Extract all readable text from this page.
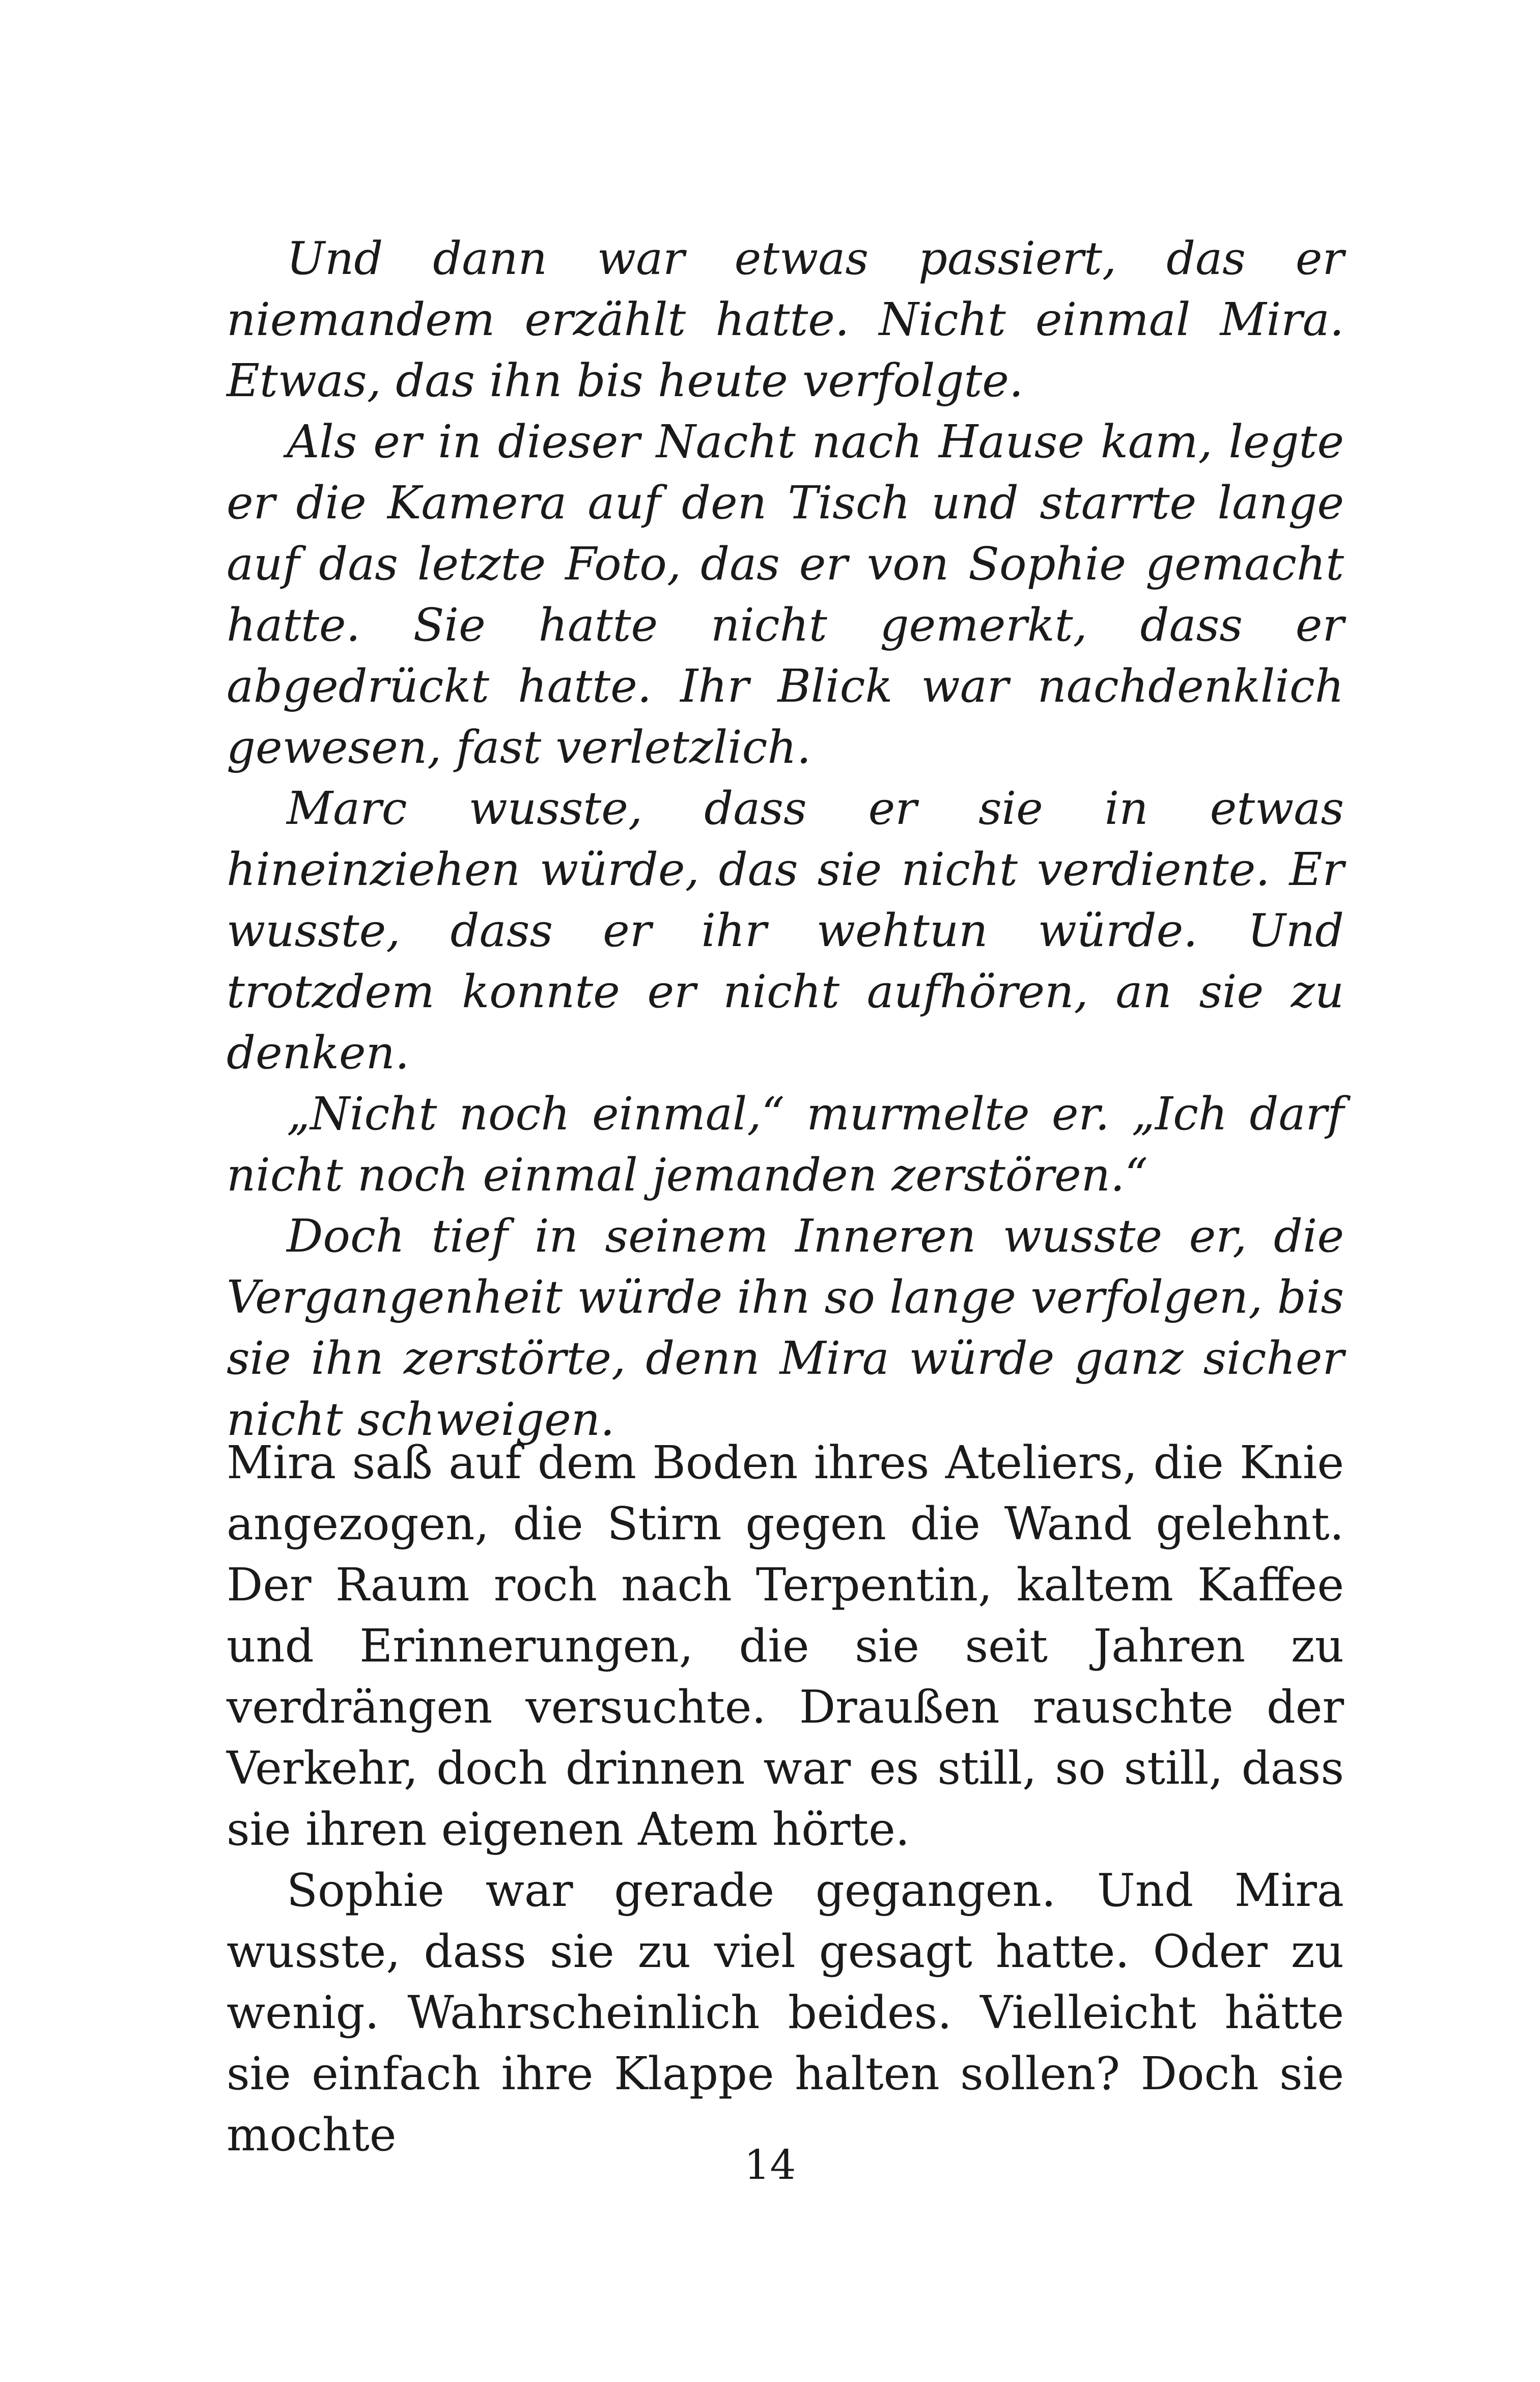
Und dann war etwas passiert, das er niemandem erzählt hatte. Nicht einmal Mira. Etwas, das ihn bis heute verfolgte.

Als er in dieser Nacht nach Hause kam, legte er die Kamera auf den Tisch und starrte lange auf das letzte Foto, das er von Sophie gemacht hatte. Sie hatte nicht gemerkt, dass er abgedrückt hatte. Ihr Blick war nachdenklich gewesen, fast verletzlich.

Marc wusste, dass er sie in etwas hineinziehen würde, das sie nicht verdiente. Er wusste, dass er ihr wehtun würde. Und trotzdem konnte er nicht aufhören, an sie zu denken.

„Nicht noch einmal,“ murmelte er. „Ich darf nicht noch einmal jemanden zerstören.“

Doch tief in seinem Inneren wusste er, die Vergangenheit würde ihn so lange verfolgen, bis sie ihn zerstörte, denn Mira würde ganz sicher nicht schweigen.

Mira saß auf dem Boden ihres Ateliers, die Knie angezogen, die Stirn gegen die Wand gelehnt. Der Raum roch nach Terpentin, kaltem Kaffee und Erinnerungen, die sie seit Jahren zu verdrängen versuchte. Draußen rauschte der Verkehr, doch drinnen war es still, so still, dass sie ihren eigenen Atem hörte.

Sophie war gerade gegangen. Und Mira wusste, dass sie zu viel gesagt hatte. Oder zu wenig. Wahrscheinlich beides. Vielleicht hätte sie einfach ihre Klappe halten sollen? Doch sie mochte

14
